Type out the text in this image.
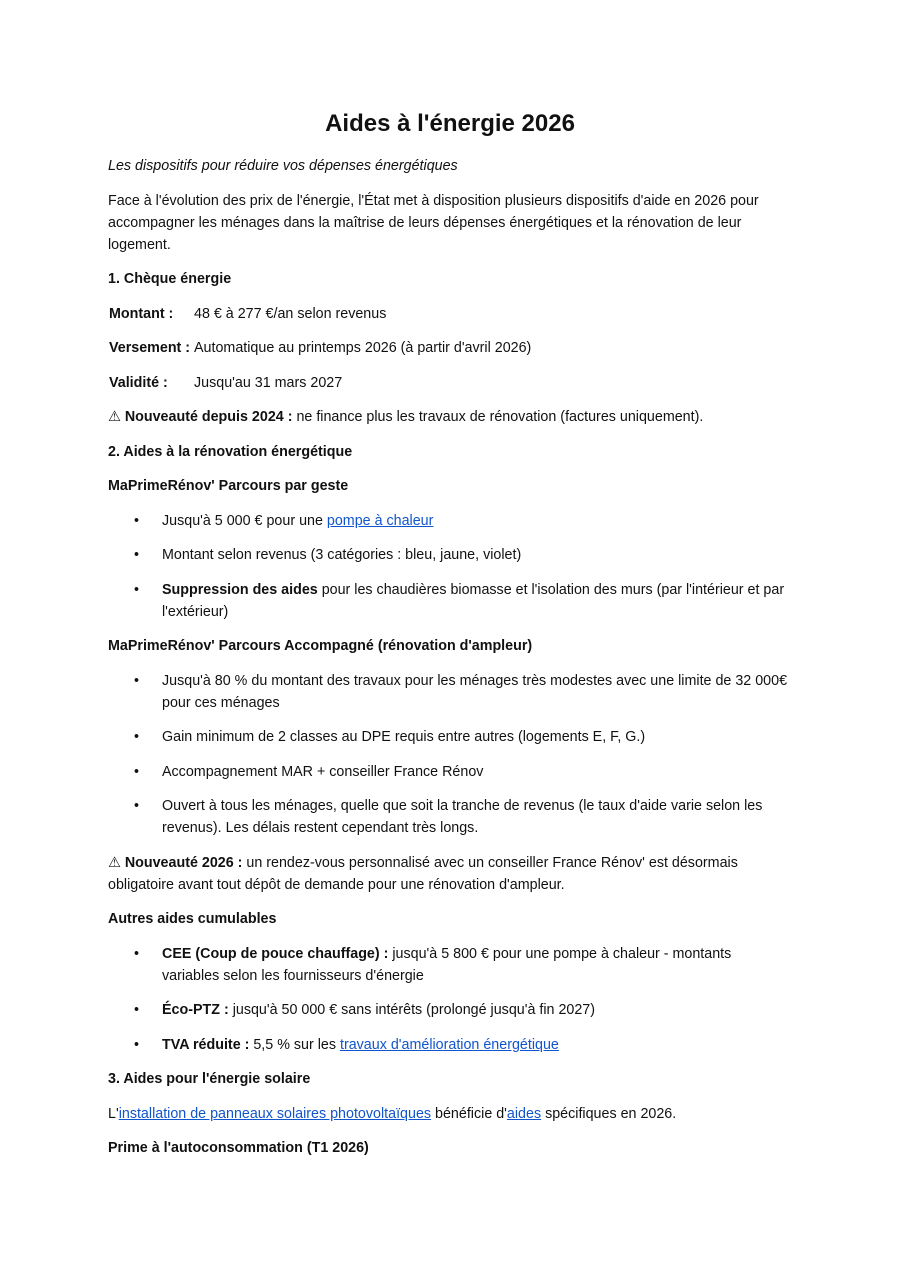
Aides à l'énergie 2026

Les dispositifs pour réduire vos dépenses énergétiques

Face à l'évolution des prix de l'énergie, l'État met à disposition plusieurs dispositifs d'aide en 2026 pour accompagner les ménages dans la maîtrise de leurs dépenses énergétiques et la rénovation de leur logement.

1. Chèque énergie

Montant :	48 € à 277 €/an selon revenus
Versement :	Automatique au printemps 2026 (à partir d'avril 2026)
Validité :	Jusqu'au 31 mars 2027

⚠ Nouveauté depuis 2024 : ne finance plus les travaux de rénovation (factures uniquement).

2. Aides à la rénovation énergétique

MaPrimeRénov' Parcours par geste

• Jusqu'à 5 000 € pour une pompe à chaleur
• Montant selon revenus (3 catégories : bleu, jaune, violet)
• Suppression des aides pour les chaudières biomasse et l'isolation des murs (par l'intérieur et par l'extérieur)

MaPrimeRénov' Parcours Accompagné (rénovation d'ampleur)

• Jusqu'à 80 % du montant des travaux pour les ménages très modestes avec une limite de 32 000€ pour ces ménages
• Gain minimum de 2 classes au DPE requis entre autres (logements E, F, G.)
• Accompagnement MAR + conseiller France Rénov
• Ouvert à tous les ménages, quelle que soit la tranche de revenus (le taux d'aide varie selon les revenus). Les délais restent cependant très longs.

⚠ Nouveauté 2026 : un rendez-vous personnalisé avec un conseiller France Rénov' est désormais obligatoire avant tout dépôt de demande pour une rénovation d'ampleur.

Autres aides cumulables

• CEE (Coup de pouce chauffage) : jusqu'à 5 800 € pour une pompe à chaleur - montants variables selon les fournisseurs d'énergie
• Éco-PTZ : jusqu'à 50 000 € sans intérêts (prolongé jusqu'à fin 2027)
• TVA réduite : 5,5 % sur les travaux d'amélioration énergétique

3. Aides pour l'énergie solaire

L'installation de panneaux solaires photovoltaïques bénéficie d'aides spécifiques en 2026.

Prime à l'autoconsommation (T1 2026)
